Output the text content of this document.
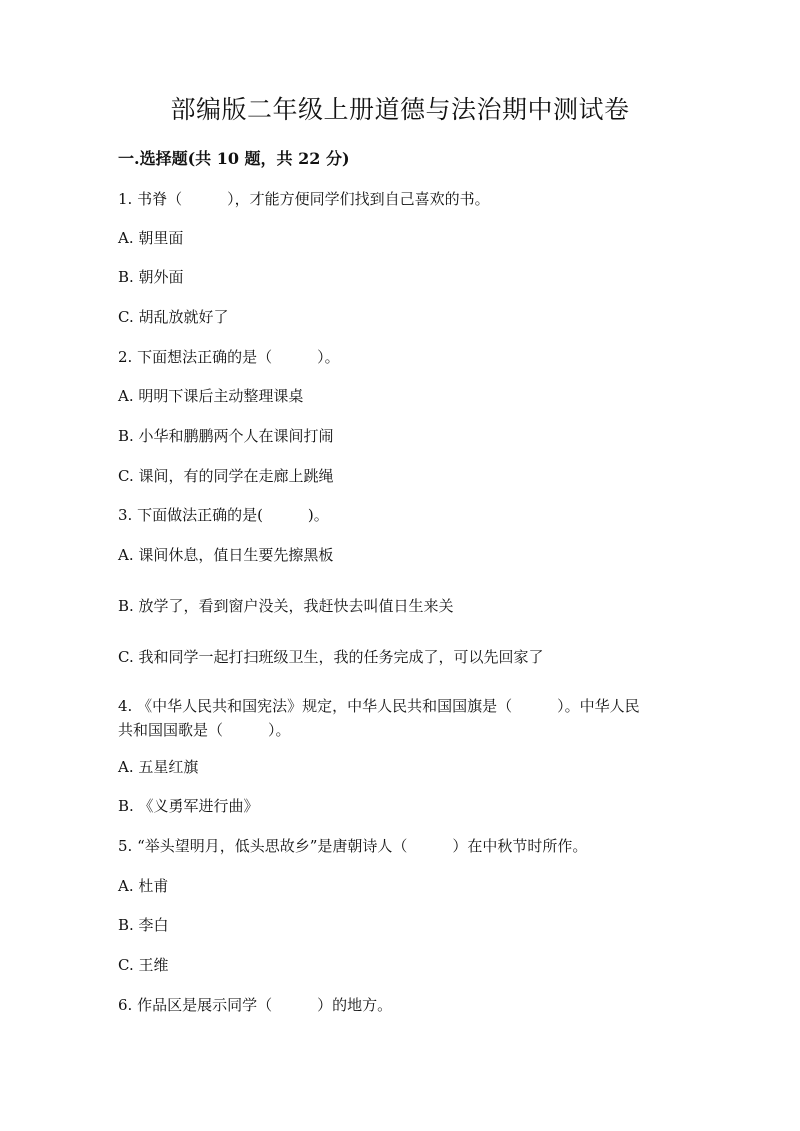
部编版二年级上册道德与法治期中测试卷
一.选择题(共 10 题，共 22 分)
1. 书脊（　　　），才能方便同学们找到自己喜欢的书。
A. 朝里面
B. 朝外面
C. 胡乱放就好了
2. 下面想法正确的是（　　　）。
A. 明明下课后主动整理课桌
B. 小华和鹏鹏两个人在课间打闹
C. 课间，有的同学在走廊上跳绳
3. 下面做法正确的是(　　　)。
A. 课间休息，值日生要先擦黑板
B. 放学了，看到窗户没关，我赶快去叫值日生来关
C. 我和同学一起打扫班级卫生，我的任务完成了，可以先回家了
4. 《中华人民共和国宪法》规定，中华人民共和国国旗是（　　　）。中华人民
共和国国歌是（　　　）。
A. 五星红旗
B. 《义勇军进行曲》
5. “举头望明月，低头思故乡”是唐朝诗人（　　　）在中秋节时所作。
A. 杜甫
B. 李白
C. 王维
6. 作品区是展示同学（　　　）的地方。
